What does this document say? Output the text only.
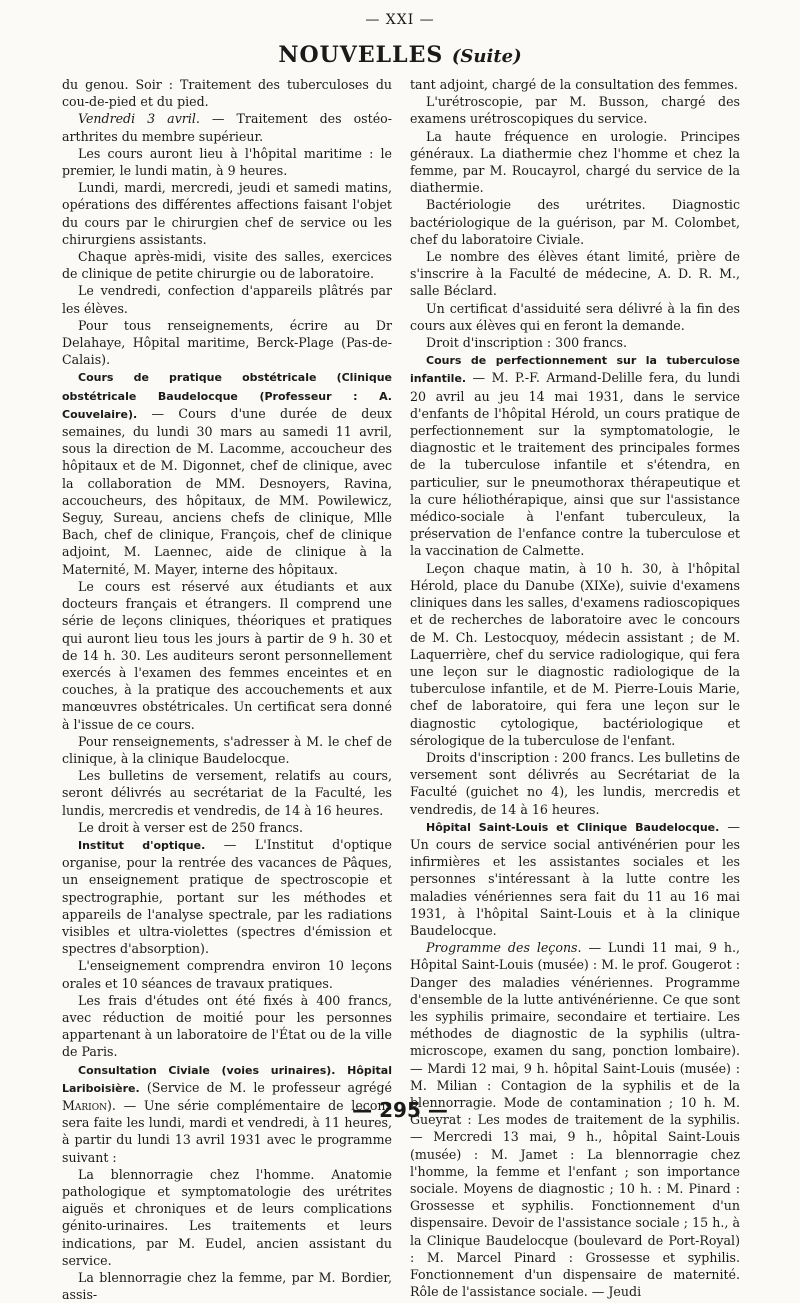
— XXI —
NOUVELLES (Suite)

du genou. Soir : Traitement des tuberculoses du cou-de-pied et du pied.

Vendredi 3 avril. — Traitement des ostéo-arthrites du membre supérieur.

Les cours auront lieu à l'hôpital maritime : le premier, le lundi matin, à 9 heures.

Lundi, mardi, mercredi, jeudi et samedi matins, opérations des différentes affections faisant l'objet du cours par le chirurgien chef de service ou les chirurgiens assistants.

Chaque après-midi, visite des salles, exercices de clinique de petite chirurgie ou de laboratoire.

Le vendredi, confection d'appareils plâtrés par les élèves.

Pour tous renseignements, écrire au Dr Delahaye, Hôpital maritime, Berck-Plage (Pas-de-Calais).

Cours de pratique obstétricale (Clinique obstétricale Baudelocque (Professeur : A. Couvelaire). — Cours d'une durée de deux semaines, du lundi 30 mars au samedi 11 avril, sous la direction de M. Lacomme, accoucheur des hôpitaux et de M. Digonnet, chef de clinique, avec la collaboration de MM. Desnoyers, Ravina, accoucheurs, des hôpitaux, de MM. Powilewicz, Seguy, Sureau, anciens chefs de clinique, Mlle Bach, chef de clinique, François, chef de clinique adjoint, M. Laennec, aide de clinique à la Maternité, M. Mayer, interne des hôpitaux.

Le cours est réservé aux étudiants et aux docteurs français et étrangers. Il comprend une série de leçons cliniques, théoriques et pratiques qui auront lieu tous les jours à partir de 9 h. 30 et de 14 h. 30. Les auditeurs seront personnellement exercés à l'examen des femmes enceintes et en couches, à la pratique des accouchements et aux manœuvres obstétricales. Un certificat sera donné à l'issue de ce cours.

Pour renseignements, s'adresser à M. le chef de clinique, à la clinique Baudelocque.

Les bulletins de versement, relatifs au cours, seront délivrés au secrétariat de la Faculté, les lundis, mercredis et vendredis, de 14 à 16 heures.

Le droit à verser est de 250 francs.

Institut d'optique. — L'Institut d'optique organise, pour la rentrée des vacances de Pâques, un enseignement pratique de spectroscopie et spectrographie, portant sur les méthodes et appareils de l'analyse spectrale, par les radiations visibles et ultra-violettes (spectres d'émission et spectres d'absorption).

L'enseignement comprendra environ 10 leçons orales et 10 séances de travaux pratiques.

Les frais d'études ont été fixés à 400 francs, avec réduction de moitié pour les personnes appartenant à un laboratoire de l'État ou de la ville de Paris.

Consultation Civiale (voies urinaires). Hôpital Lariboisière. (Service de M. le professeur agrégé Marion). — Une série complémentaire de leçons sera faite les lundi, mardi et vendredi, à 11 heures, à partir du lundi 13 avril 1931 avec le programme suivant :

La blennorragie chez l'homme. Anatomie pathologique et symptomatologie des urétrites aiguës et chroniques et de leurs complications génito-urinaires. Les traitements et leurs indications, par M. Eudel, ancien assistant du service.

La blennorragie chez la femme, par M. Bordier, assis-

tant adjoint, chargé de la consultation des femmes.

L'urétroscopie, par M. Busson, chargé des examens urétroscopiques du service.

La haute fréquence en urologie. Principes généraux. La diathermie chez l'homme et chez la femme, par M. Roucayrol, chargé du service de la diathermie.

Bactériologie des urétrites. Diagnostic bactériologique de la guérison, par M. Colombet, chef du laboratoire Civiale.

Le nombre des élèves étant limité, prière de s'inscrire à la Faculté de médecine, A. D. R. M., salle Béclard.

Un certificat d'assiduité sera délivré à la fin des cours aux élèves qui en feront la demande.

Droit d'inscription : 300 francs.

Cours de perfectionnement sur la tuberculose infantile. — M. P.-F. Armand-Delille fera, du lundi 20 avril au jeu 14 mai 1931, dans le service d'enfants de l'hôpital Hérold, un cours pratique de perfectionnement sur la symptomatologie, le diagnostic et le traitement des principales formes de la tuberculose infantile et s'étendra, en particulier, sur le pneumothorax thérapeutique et la cure héliothérapique, ainsi que sur l'assistance médico-sociale à l'enfant tuberculeux, la préservation de l'enfance contre la tuberculose et la vaccination de Calmette.

Leçon chaque matin, à 10 h. 30, à l'hôpital Hérold, place du Danube (XIXe), suivie d'examens cliniques dans les salles, d'examens radioscopiques et de recherches de laboratoire avec le concours de M. Ch. Lestocquoy, médecin assistant ; de M. Laquerrière, chef du service radiologique, qui fera une leçon sur le diagnostic radiologique de la tuberculose infantile, et de M. Pierre-Louis Marie, chef de laboratoire, qui fera une leçon sur le diagnostic cytologique, bactériologique et sérologique de la tuberculose de l'enfant.

Droits d'inscription : 200 francs. Les bulletins de versement sont délivrés au Secrétariat de la Faculté (guichet no 4), les lundis, mercredis et vendredis, de 14 à 16 heures.

Hôpital Saint-Louis et Clinique Baudelocque. — Un cours de service social antivénérien pour les infirmières et les assistantes sociales et les personnes s'intéressant à la lutte contre les maladies vénériennes sera fait du 11 au 16 mai 1931, à l'hôpital Saint-Louis et à la clinique Baudelocque.

Programme des leçons. — Lundi 11 mai, 9 h., Hôpital Saint-Louis (musée) : M. le prof. Gougerot : Danger des maladies vénériennes. Programme d'ensemble de la lutte antivénérienne. Ce que sont les syphilis primaire, secondaire et tertiaire. Les méthodes de diagnostic de la syphilis (ultra-microscope, examen du sang, ponction lombaire). — Mardi 12 mai, 9 h. hôpital Saint-Louis (musée) : M. Milian : Contagion de la syphilis et de la blennorragie. Mode de contamination ; 10 h. M. Gueyrat : Les modes de traitement de la syphilis. — Mercredi 13 mai, 9 h., hôpital Saint-Louis (musée) : M. Jamet : La blennorragie chez l'homme, la femme et l'enfant ; son importance sociale. Moyens de diagnostic ; 10 h. : M. Pinard : Grossesse et syphilis. Fonctionnement d'un dispensaire. Devoir de l'assistance sociale ; 15 h., à la Clinique Baudelocque (boulevard de Port-Royal) : M. Marcel Pinard : Grossesse et syphilis. Fonctionnement d'un dispensaire de maternité. Rôle de l'assistance sociale. — Jeudi

— 295 —
